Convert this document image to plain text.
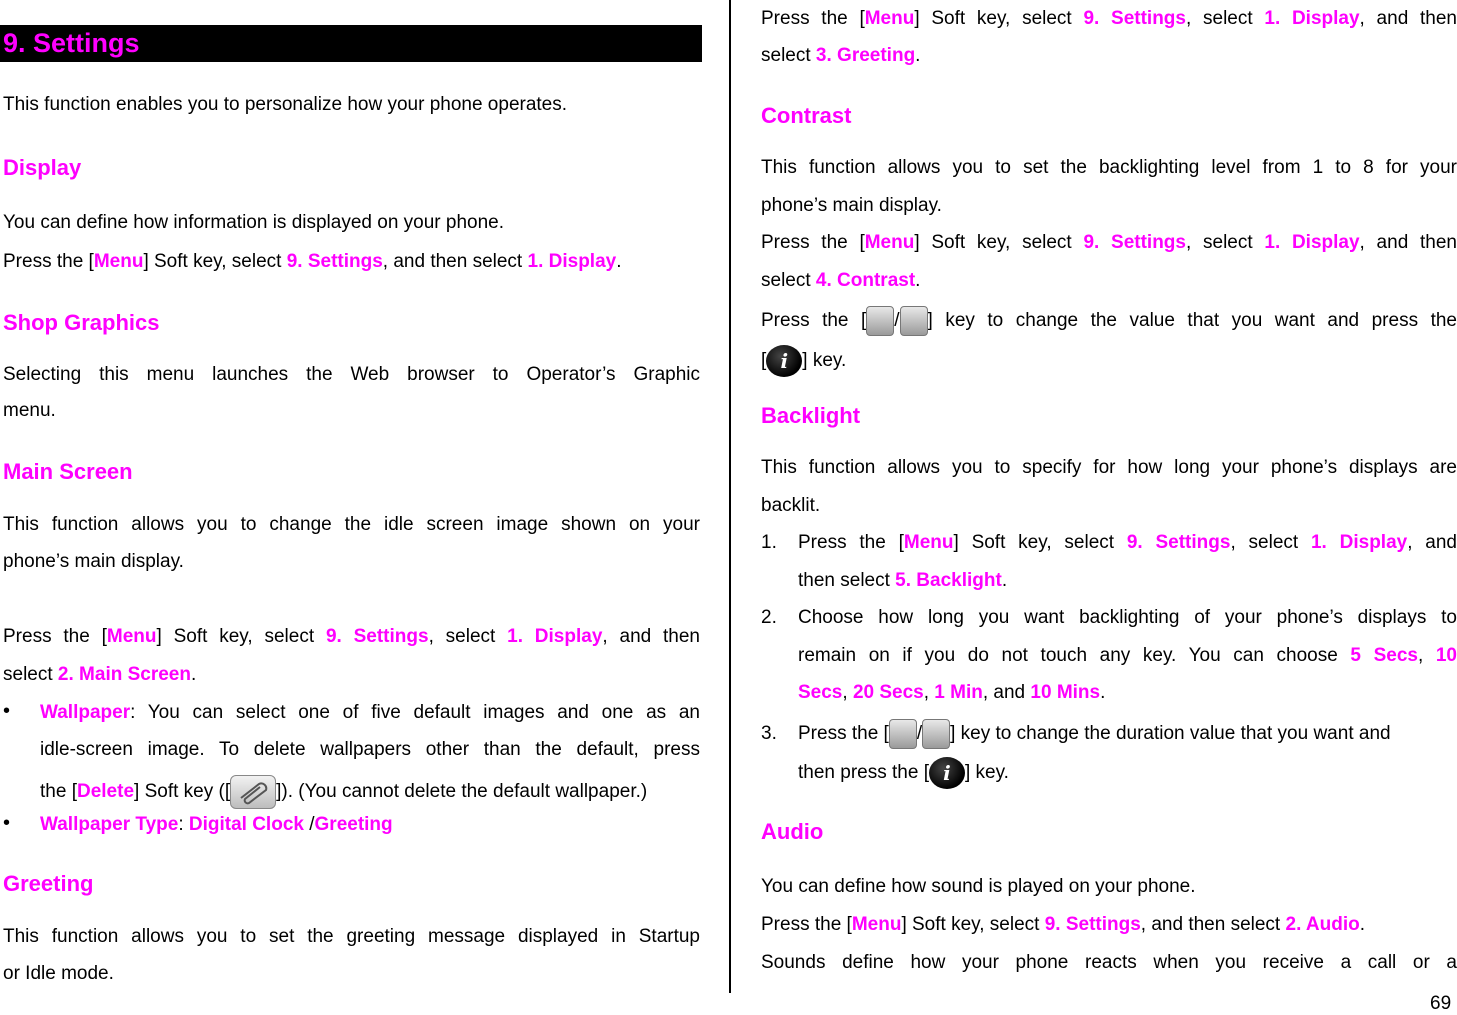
9. Settings
This function enables you to personalize how your phone operates.
Display
You can define how information is displayed on your phone.
Press the [Menu] Soft key, select 9. Settings, and then select 1. Display.
Shop Graphics
Selecting this menu launches the Web browser to Operator’s Graphic
menu.
Main Screen
This function allows you to change the idle screen image shown on your
phone’s main display.
Press the [Menu] Soft key, select 9. Settings, select 1. Display, and then
select 2. Main Screen.
• Wallpaper: You can select one of five default images and one as an
idle-screen image. To delete wallpapers other than the default, press
the [Delete] Soft key ([ ]). (You cannot delete the default wallpaper.)
• Wallpaper Type: Digital Clock /Greeting
Greeting
This function allows you to set the greeting message displayed in Startup
or Idle mode.
Press the [Menu] Soft key, select 9. Settings, select 1. Display, and then
select 3. Greeting.
Contrast
This function allows you to set the backlighting level from 1 to 8 for your
phone’s main display.
Press the [Menu] Soft key, select 9. Settings, select 1. Display, and then
select 4. Contrast.
Press the [ / ] key to change the value that you want and press the
[ i ] key.
Backlight
This function allows you to specify for how long your phone’s displays are
backlit.
1. Press the [Menu] Soft key, select 9. Settings, select 1. Display, and
then select 5. Backlight.
2. Choose how long you want backlighting of your phone’s displays to
remain on if you do not touch any key. You can choose 5 Secs, 10
Secs, 20 Secs, 1 Min, and 10 Mins.
3. Press the [ / ] key to change the duration value that you want and
then press the [ i ] key.
Audio
You can define how sound is played on your phone.
Press the [Menu] Soft key, select 9. Settings, and then select 2. Audio.
Sounds define how your phone reacts when you receive a call or a
69
